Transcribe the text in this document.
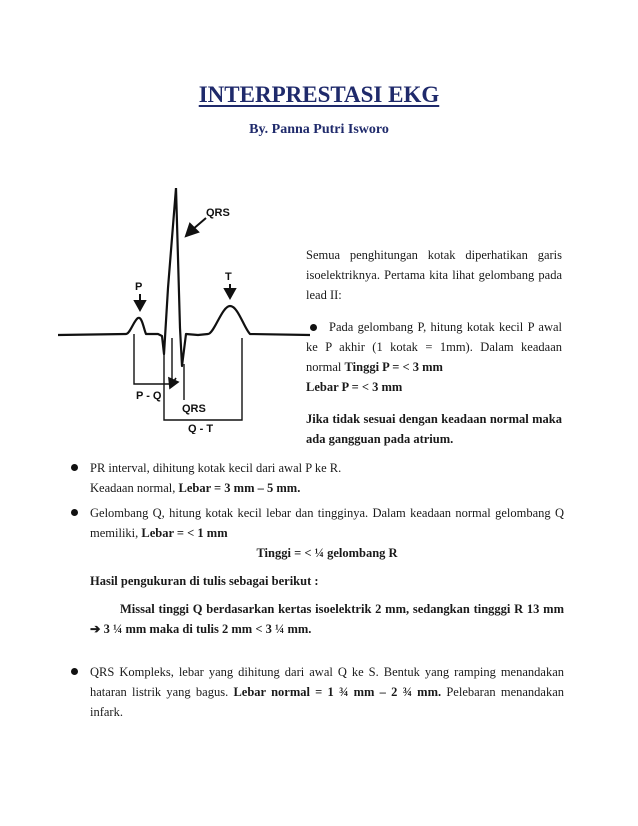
INTERPRESTASI EKG
By. Panna Putri Isworo
QRS
P
T
P - Q
QRS
Q - T

Semua penghitungan kotak diperhatikan garis isoelektriknya. Pertama kita lihat gelombang pada lead II:

Pada gelombang P, hitung kotak kecil P awal ke P akhir (1 kotak = 1mm). Dalam keadaan normal Tinggi P = < 3 mm
Lebar P = < 3 mm

Jika tidak sesuai dengan keadaan normal maka ada gangguan pada atrium.

PR interval, dihitung kotak kecil dari awal P ke R.

Keadaan normal, Lebar = 3 mm – 5 mm.

Gelombang Q, hitung kotak kecil lebar dan tingginya. Dalam keadaan normal gelombang Q memiliki, Lebar = < 1 mm

Tinggi = < ¼ gelombang R

Hasil pengukuran di tulis sebagai berikut :

Missal tinggi Q berdasarkan kertas isoelektrik 2 mm, sedangkan tingggi R 13 mm ➔ 3 ¼ mm maka di tulis 2 mm < 3 ¼ mm.

QRS Kompleks, lebar yang dihitung dari awal Q ke S. Bentuk yang ramping menandakan hataran listrik yang bagus. Lebar normal = 1 ¾ mm – 2 ¾ mm. Pelebaran menandakan infark.
